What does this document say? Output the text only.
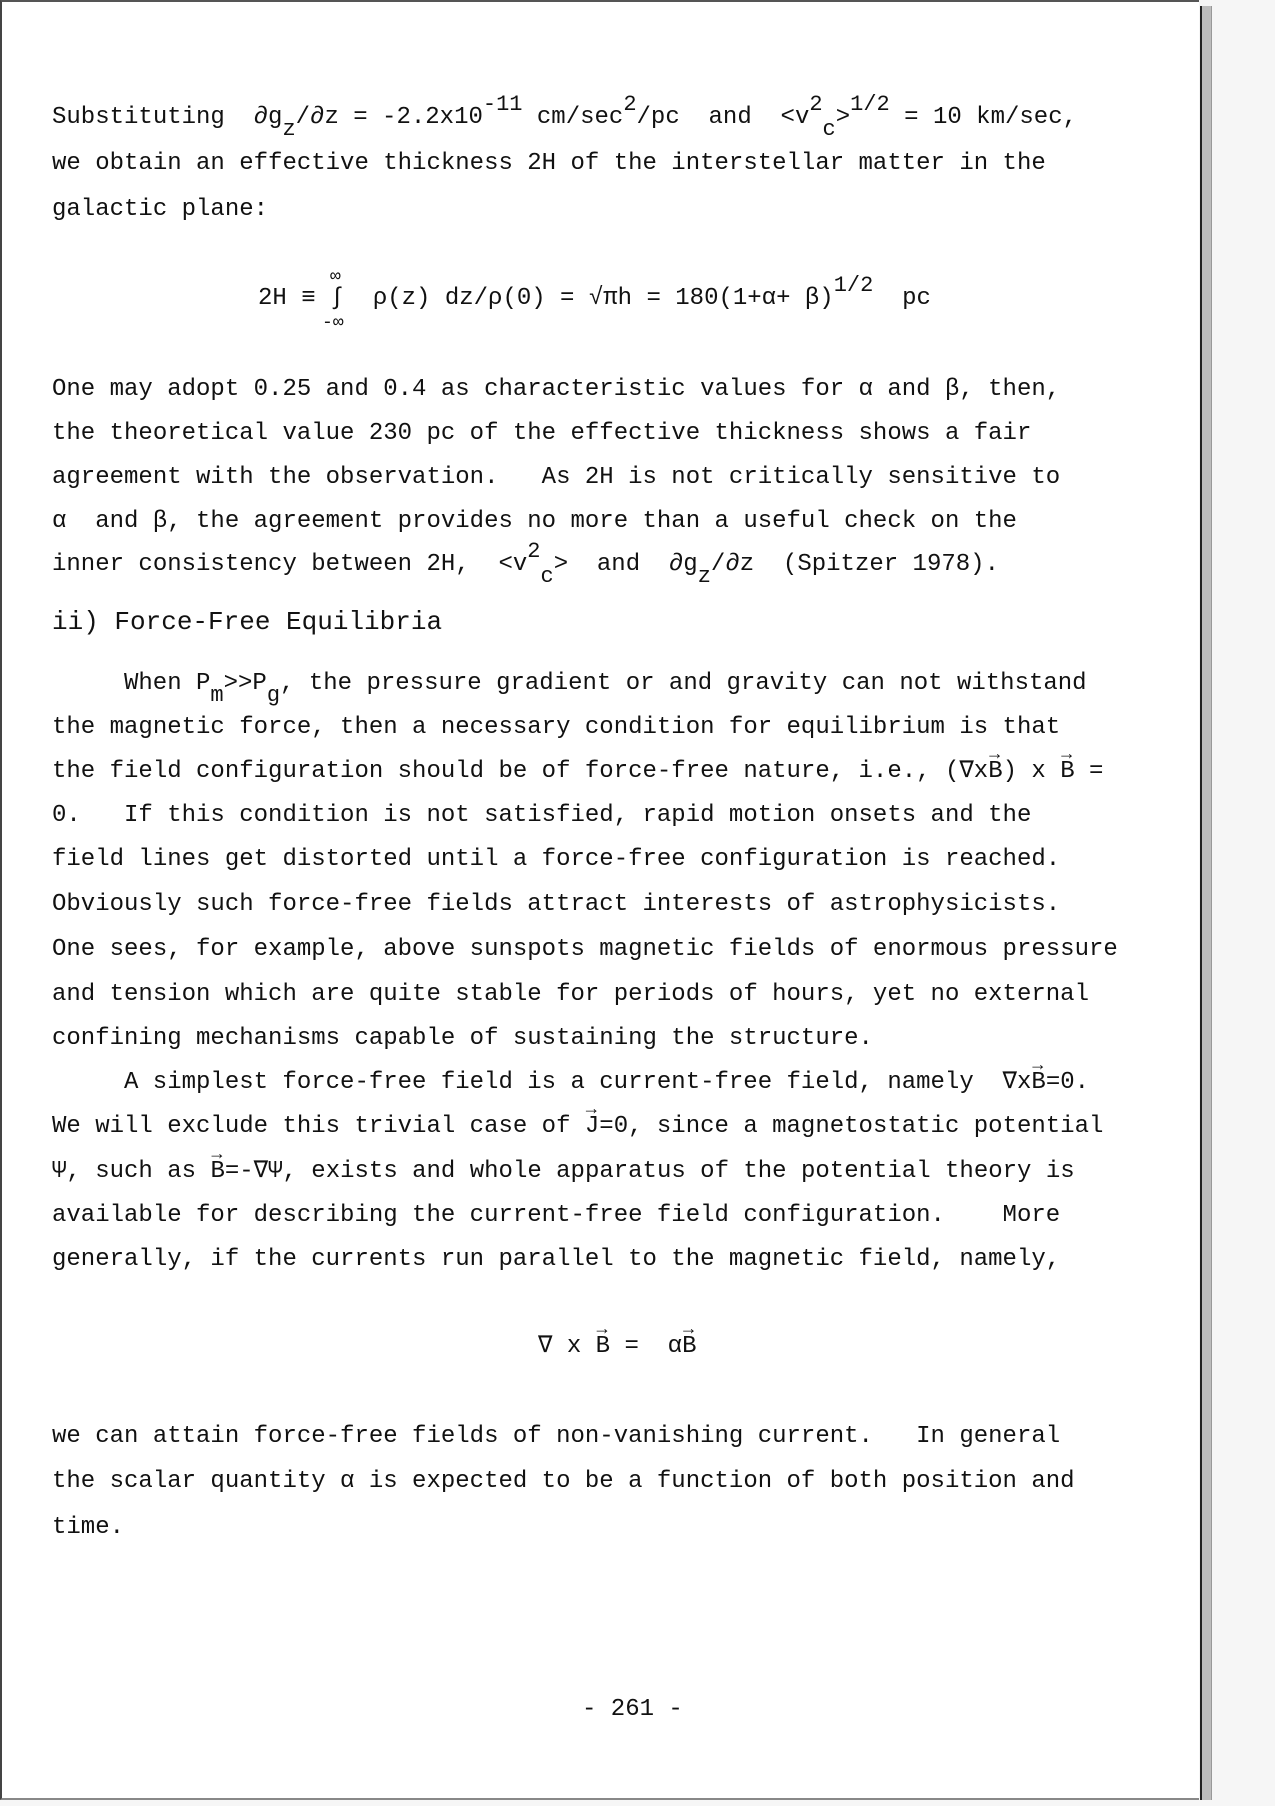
Substituting  ∂gz/∂z = -2.2x10-11 cm/sec2/pc  and  <v2c>1/2 = 10 km/sec,
we obtain an effective thickness 2H of the interstellar matter in the
galactic plane:
2H ≡ ∫
∞
-∞
ρ(z) dz/ρ(0) = √πh = 180(1+α+ β)1/2  pc
One may adopt 0.25 and 0.4 as characteristic values for α and β, then,
the theoretical value 230 pc of the effective thickness shows a fair
agreement with the observation.   As 2H is not critically sensitive to
α  and β, the agreement provides no more than a useful check on the
inner consistency between 2H,  <v2c>  and  ∂gz/∂z  (Spitzer 1978).
ii) Force-Free Equilibria
When Pm>>Pg, the pressure gradient or and gravity can not withstand
the magnetic force, then a necessary condition for equilibrium is that
the field configuration should be of force-free nature, i.e., (∇x→ B) x → B =
0.   If this condition is not satisfied, rapid motion onsets and the
field lines get distorted until a force-free configuration is reached.
Obviously such force-free fields attract interests of astrophysicists.
One sees, for example, above sunspots magnetic fields of enormous pressure
and tension which are quite stable for periods of hours, yet no external
confining mechanisms capable of sustaining the structure.
A simplest force-free field is a current-free field, namely  ∇x→ B=0.
We will exclude this trivial case of → J=0, since a magnetostatic potential
Ψ, such as → B=-∇Ψ, exists and whole apparatus of the potential theory is
available for describing the current-free field configuration.    More
generally, if the currents run parallel to the magnetic field, namely,
∇ x → B =  α→ B
we can attain force-free fields of non-vanishing current.   In general
the scalar quantity α is expected to be a function of both position and
time.
- 261 -
